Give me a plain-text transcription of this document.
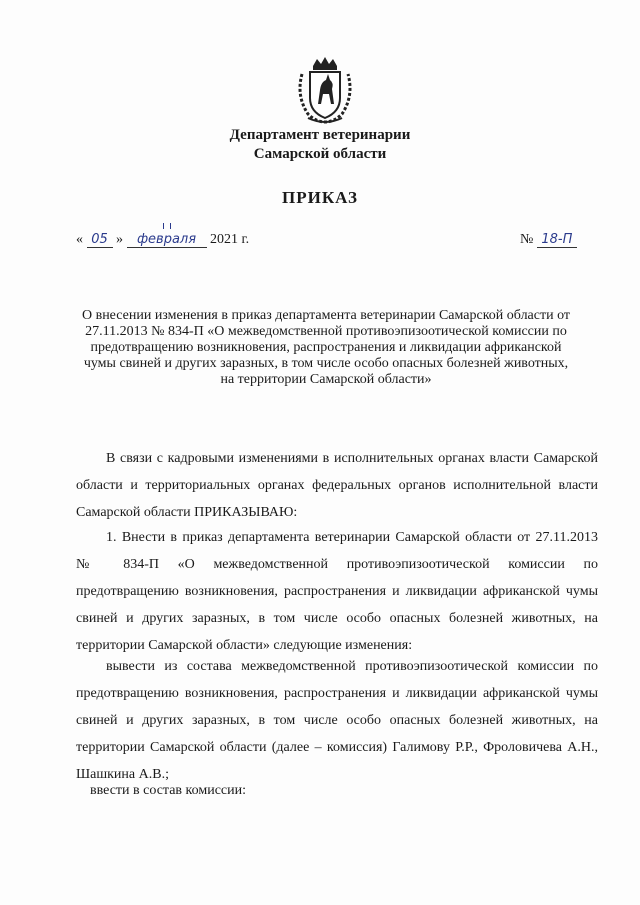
Департамент ветеринарии
Самарской области
ПРИКАЗ
« 05 » февраля 2021 г.	№ 18-П
О внесении изменения в приказ департамента ветеринарии Самарской области от 27.11.2013 № 834-П «О межведомственной противоэпизоотической комиссии по предотвращению возникновения, распространения и ликвидации африканской чумы свиней и других заразных, в том числе особо опасных болезней животных, на территории Самарской области»

В связи с кадровыми изменениями в исполнительных органах власти Самарской области и территориальных органах федеральных органов исполнительной власти Самарской области ПРИКАЗЫВАЮ:

1. Внести в приказ департамента ветеринарии Самарской области от 27.11.2013 № 834-П «О межведомственной противоэпизоотической комиссии по предотвращению возникновения, распространения и ликвидации африканской чумы свиней и других заразных, в том числе особо опасных болезней животных, на территории Самарской области» следующие изменения:

вывести из состава межведомственной противоэпизоотической комиссии по предотвращению возникновения, распространения и ликвидации африканской чумы свиней и других заразных, в том числе особо опасных болезней животных, на территории Самарской области (далее – комиссия) Галимову Р.Р., Фроловичева А.Н., Шашкина А.В.;

ввести в состав комиссии:
